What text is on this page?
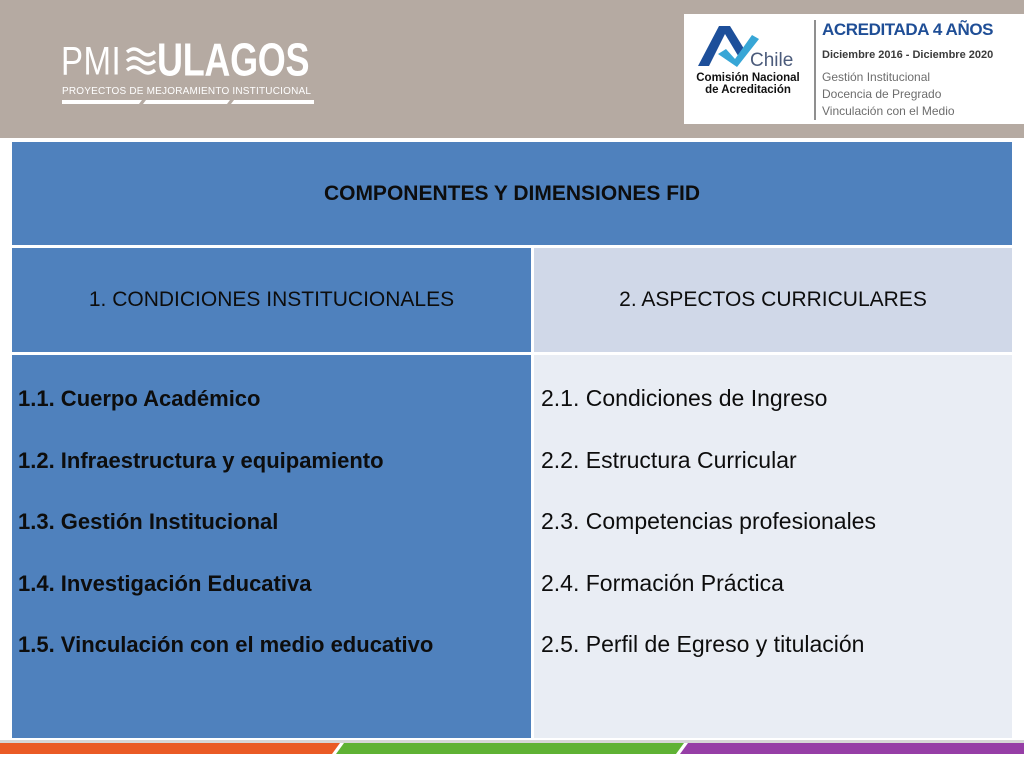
PMI ULAGOS
PROYECTOS DE MEJORAMIENTO INSTITUCIONAL
Chile
Comisión Nacional
de Acreditación
ACREDITADA 4 AÑOS
Diciembre 2016 - Diciembre 2020
Gestión Institucional
Docencia de Pregrado
Vinculación con el Medio
COMPONENTES Y DIMENSIONES FID
1. CONDICIONES INSTITUCIONALES	2. ASPECTOS CURRICULARES
1.1. Cuerpo Académico
1.2. Infraestructura y equipamiento
1.3. Gestión Institucional
1.4. Investigación Educativa
1.5. Vinculación con el medio educativo
2.1. Condiciones de Ingreso
2.2. Estructura Curricular
2.3. Competencias profesionales
2.4. Formación Práctica
2.5. Perfil de Egreso y titulación
